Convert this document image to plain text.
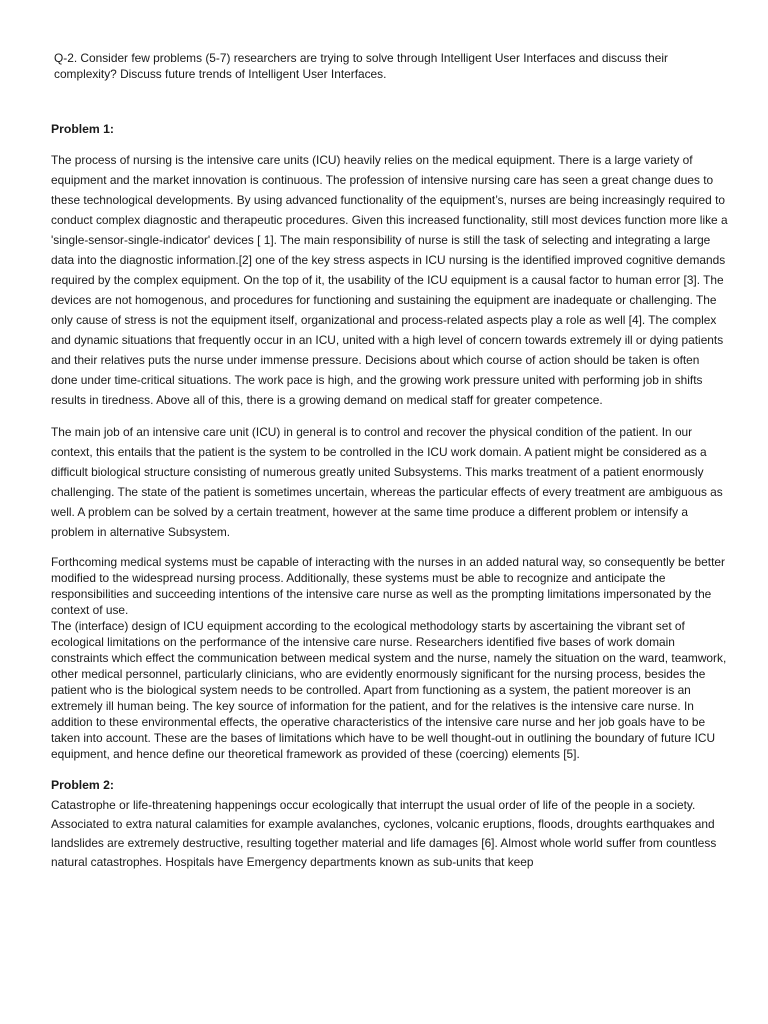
Q-2. Consider few problems (5-7) researchers are trying to solve through Intelligent User Interfaces and discuss their complexity? Discuss future trends of Intelligent User Interfaces.

Problem 1:

The process of nursing is the intensive care units (ICU) heavily relies on the medical equipment. There is a large variety of equipment and the market innovation is continuous. The profession of intensive nursing care has seen a great change dues to these technological developments. By using advanced functionality of the equipment’s, nurses are being increasingly required to conduct complex diagnostic and therapeutic procedures. Given this increased functionality, still most devices function more like a 'single-sensor-single-indicator' devices [ 1]. The main responsibility of nurse is still the task of selecting and integrating a large data into the diagnostic information.[2] one of the key stress aspects in ICU nursing is the identified improved cognitive demands required by the complex equipment. On the top of it, the usability of the ICU equipment is a causal factor to human error [3]. The devices are not homogenous, and procedures for functioning and sustaining the equipment are inadequate or challenging. The only cause of stress is not the equipment itself, organizational and process-related aspects play a role as well [4]. The complex and dynamic situations that frequently occur in an ICU, united with a high level of concern towards extremely ill or dying patients and their relatives puts the nurse under immense pressure. Decisions about which course of action should be taken is often done under time-critical situations. The work pace is high, and the growing work pressure united with performing job in shifts results in tiredness. Above all of this, there is a growing demand on medical staff for greater competence.

The main job of an intensive care unit (ICU) in general is to control and recover the physical condition of the patient. In our context, this entails that the patient is the system to be controlled in the ICU work domain. A patient might be considered as a difficult biological structure consisting of numerous greatly united Subsystems. This marks treatment of a patient enormously challenging. The state of the patient is sometimes uncertain, whereas the particular effects of every treatment are ambiguous as well. A problem can be solved by a certain treatment, however at the same time produce a different problem or intensify a problem in alternative Subsystem.

Forthcoming medical systems must be capable of interacting with the nurses in an added natural way, so consequently be better modified to the widespread nursing process. Additionally, these systems must be able to recognize and anticipate the responsibilities and succeeding intentions of the intensive care nurse as well as the prompting limitations impersonated by the context of use.

The (interface) design of ICU equipment according to the ecological methodology starts by ascertaining the vibrant set of ecological limitations on the performance of the intensive care nurse. Researchers identified five bases of work domain constraints which effect the communication between medical system and the nurse, namely the situation on the ward, teamwork, other medical personnel, particularly clinicians, who are evidently enormously significant for the nursing process, besides the patient who is the biological system needs to be controlled. Apart from functioning as a system, the patient moreover is an extremely ill human being. The key source of information for the patient, and for the relatives is the intensive care nurse. In addition to these environmental effects, the operative characteristics of the intensive care nurse and her job goals have to be taken into account. These are the bases of limitations which have to be well thought-out in outlining the boundary of future ICU equipment, and hence define our theoretical framework as provided of these (coercing) elements [5].

Problem 2:

Catastrophe or life-threatening happenings occur ecologically that interrupt the usual order of life of the people in a society. Associated to extra natural calamities for example avalanches, cyclones, volcanic eruptions, floods, droughts earthquakes and landslides are extremely destructive, resulting together material and life damages [6]. Almost whole world suffer from countless natural catastrophes. Hospitals have Emergency departments known as sub-units that keep
